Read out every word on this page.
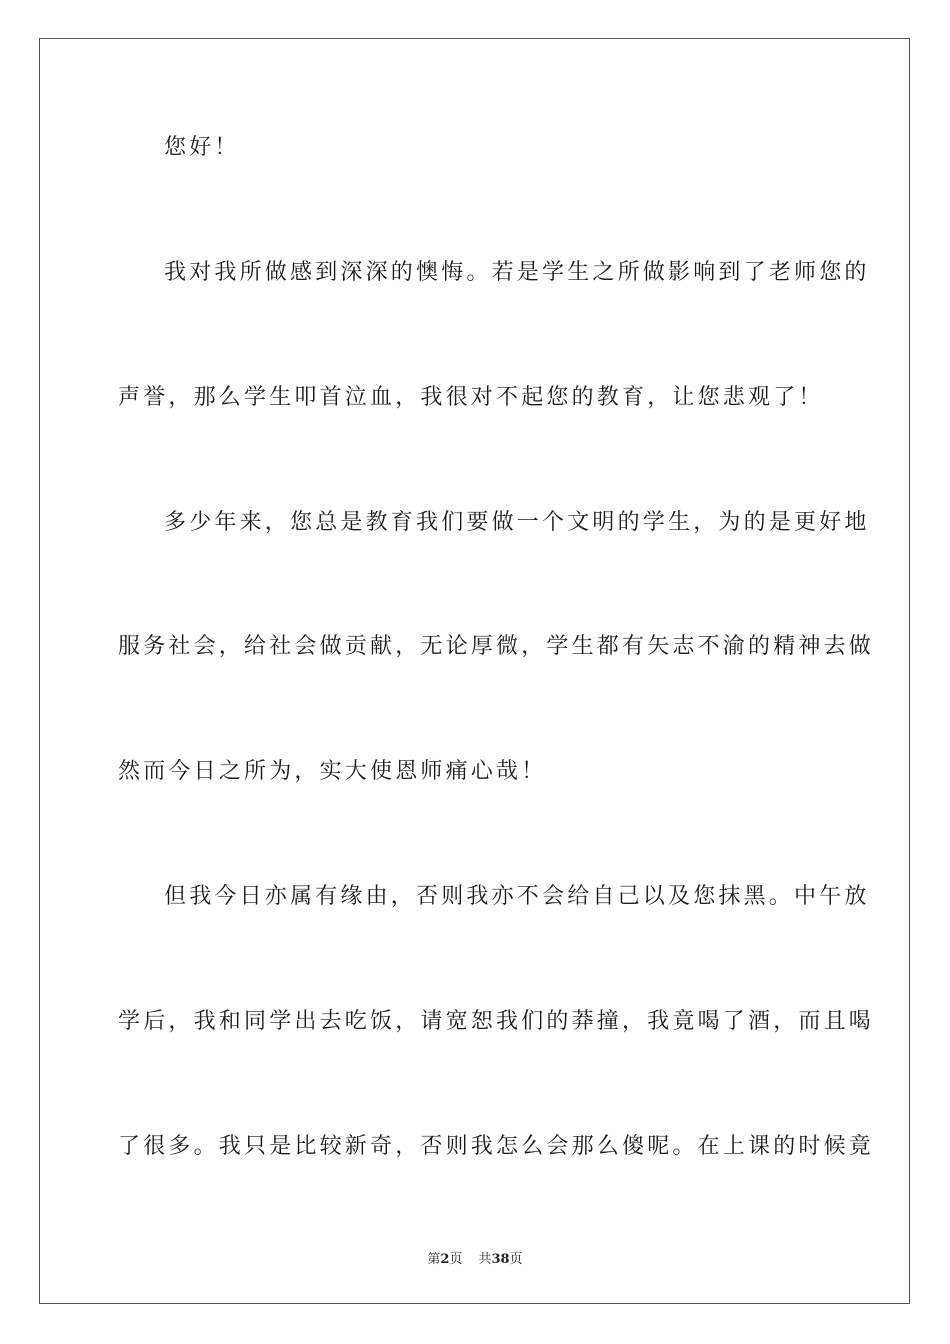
您好！
我对我所做感到深深的懊悔。若是学生之所做影响到了老师您的
声誉，那么学生叩首泣血，我很对不起您的教育，让您悲观了！
多少年来，您总是教育我们要做一个文明的学生，为的是更好地
服务社会，给社会做贡献，无论厚微，学生都有矢志不渝的精神去做
然而今日之所为，实大使恩师痛心哉！
但我今日亦属有缘由，否则我亦不会给自己以及您抹黑。中午放
学后，我和同学出去吃饭，请宽恕我们的莽撞，我竟喝了酒，而且喝
了很多。我只是比较新奇，否则我怎么会那么傻呢。在上课的时候竟
第2页 共38页
